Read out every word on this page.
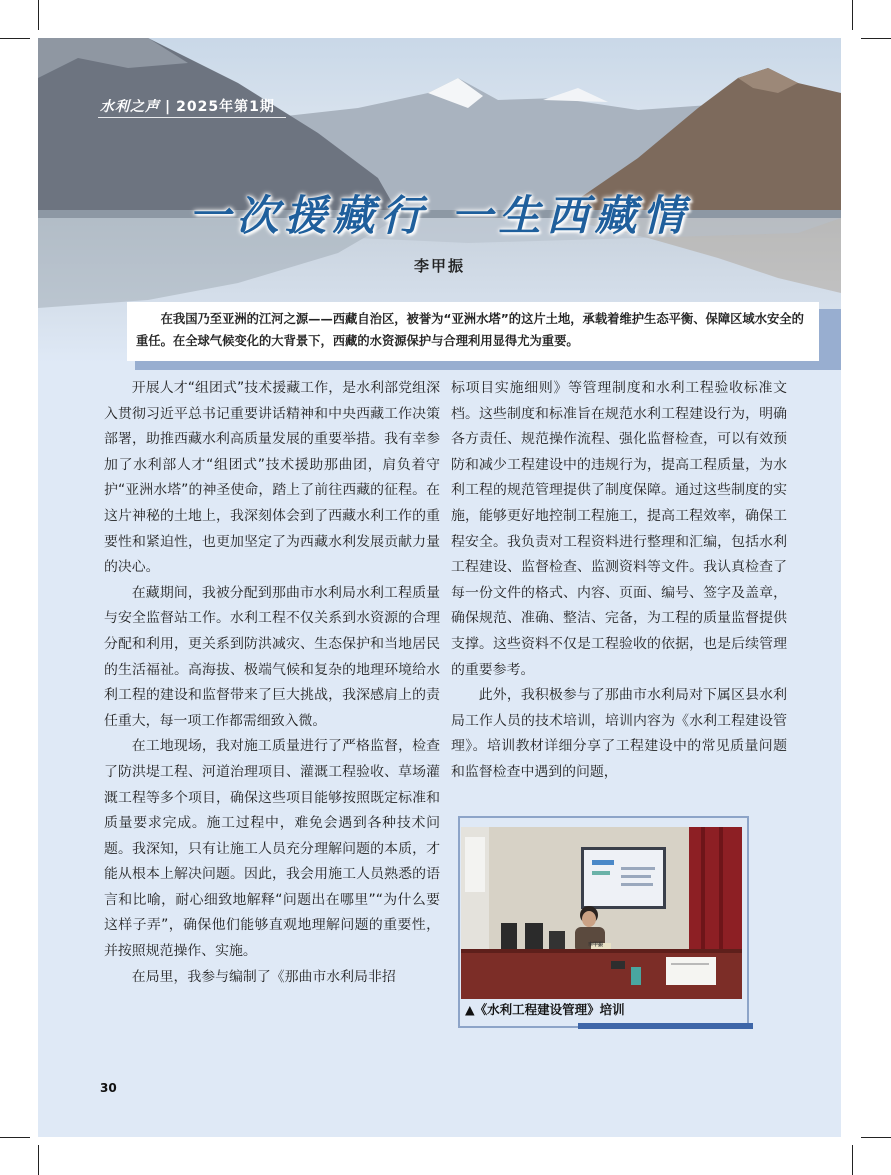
水利之声 | 2025年第1期
一次援藏行 一生西藏情
李甲振

在我国乃至亚洲的江河之源——西藏自治区，被誉为“亚洲水塔”的这片土地，承载着维护生态平衡、保障区域水安全的重任。在全球气候变化的大背景下，西藏的水资源保护与合理利用显得尤为重要。

开展人才“组团式”技术援藏工作，是水利部党组深入贯彻习近平总书记重要讲话精神和中央西藏工作决策部署，助推西藏水利高质量发展的重要举措。我有幸参加了水利部人才“组团式”技术援助那曲团，肩负着守护“亚洲水塔”的神圣使命，踏上了前往西藏的征程。在这片神秘的土地上，我深刻体会到了西藏水利工作的重要性和紧迫性，也更加坚定了为西藏水利发展贡献力量的决心。

在藏期间，我被分配到那曲市水利局水利工程质量与安全监督站工作。水利工程不仅关系到水资源的合理分配和利用，更关系到防洪减灾、生态保护和当地居民的生活福祉。高海拔、极端气候和复杂的地理环境给水利工程的建设和监督带来了巨大挑战，我深感肩上的责任重大，每一项工作都需细致入微。

在工地现场，我对施工质量进行了严格监督，检查了防洪堤工程、河道治理项目、灌溉工程验收、草场灌溉工程等多个项目，确保这些项目能够按照既定标准和质量要求完成。施工过程中，难免会遇到各种技术问题。我深知，只有让施工人员充分理解问题的本质，才能从根本上解决问题。因此，我会用施工人员熟悉的语言和比喻，耐心细致地解释“问题出在哪里”“为什么要这样子弄”，确保他们能够直观地理解问题的重要性，并按照规范操作、实施。

在局里，我参与编制了《那曲市水利局非招

标项目实施细则》等管理制度和水利工程验收标准文档。这些制度和标准旨在规范水利工程建设行为，明确各方责任、规范操作流程、强化监督检查，可以有效预防和减少工程建设中的违规行为，提高工程质量，为水利工程的规范管理提供了制度保障。通过这些制度的实施，能够更好地控制工程施工，提高工程效率，确保工程安全。我负责对工程资料进行整理和汇编，包括水利工程建设、监督检查、监测资料等文件。我认真检查了每一份文件的格式、内容、页面、编号、签字及盖章，确保规范、准确、整洁、完备，为工程的质量监督提供支撑。这些资料不仅是工程验收的依据，也是后续管理的重要参考。

此外，我积极参与了那曲市水利局对下属区县水利局工作人员的技术培训，培训内容为《水利工程建设管理》。培训教材详细分享了工程建设中的常见质量问题和监督检查中遇到的问题，

李甲振
▲《水利工程建设管理》培训
30
